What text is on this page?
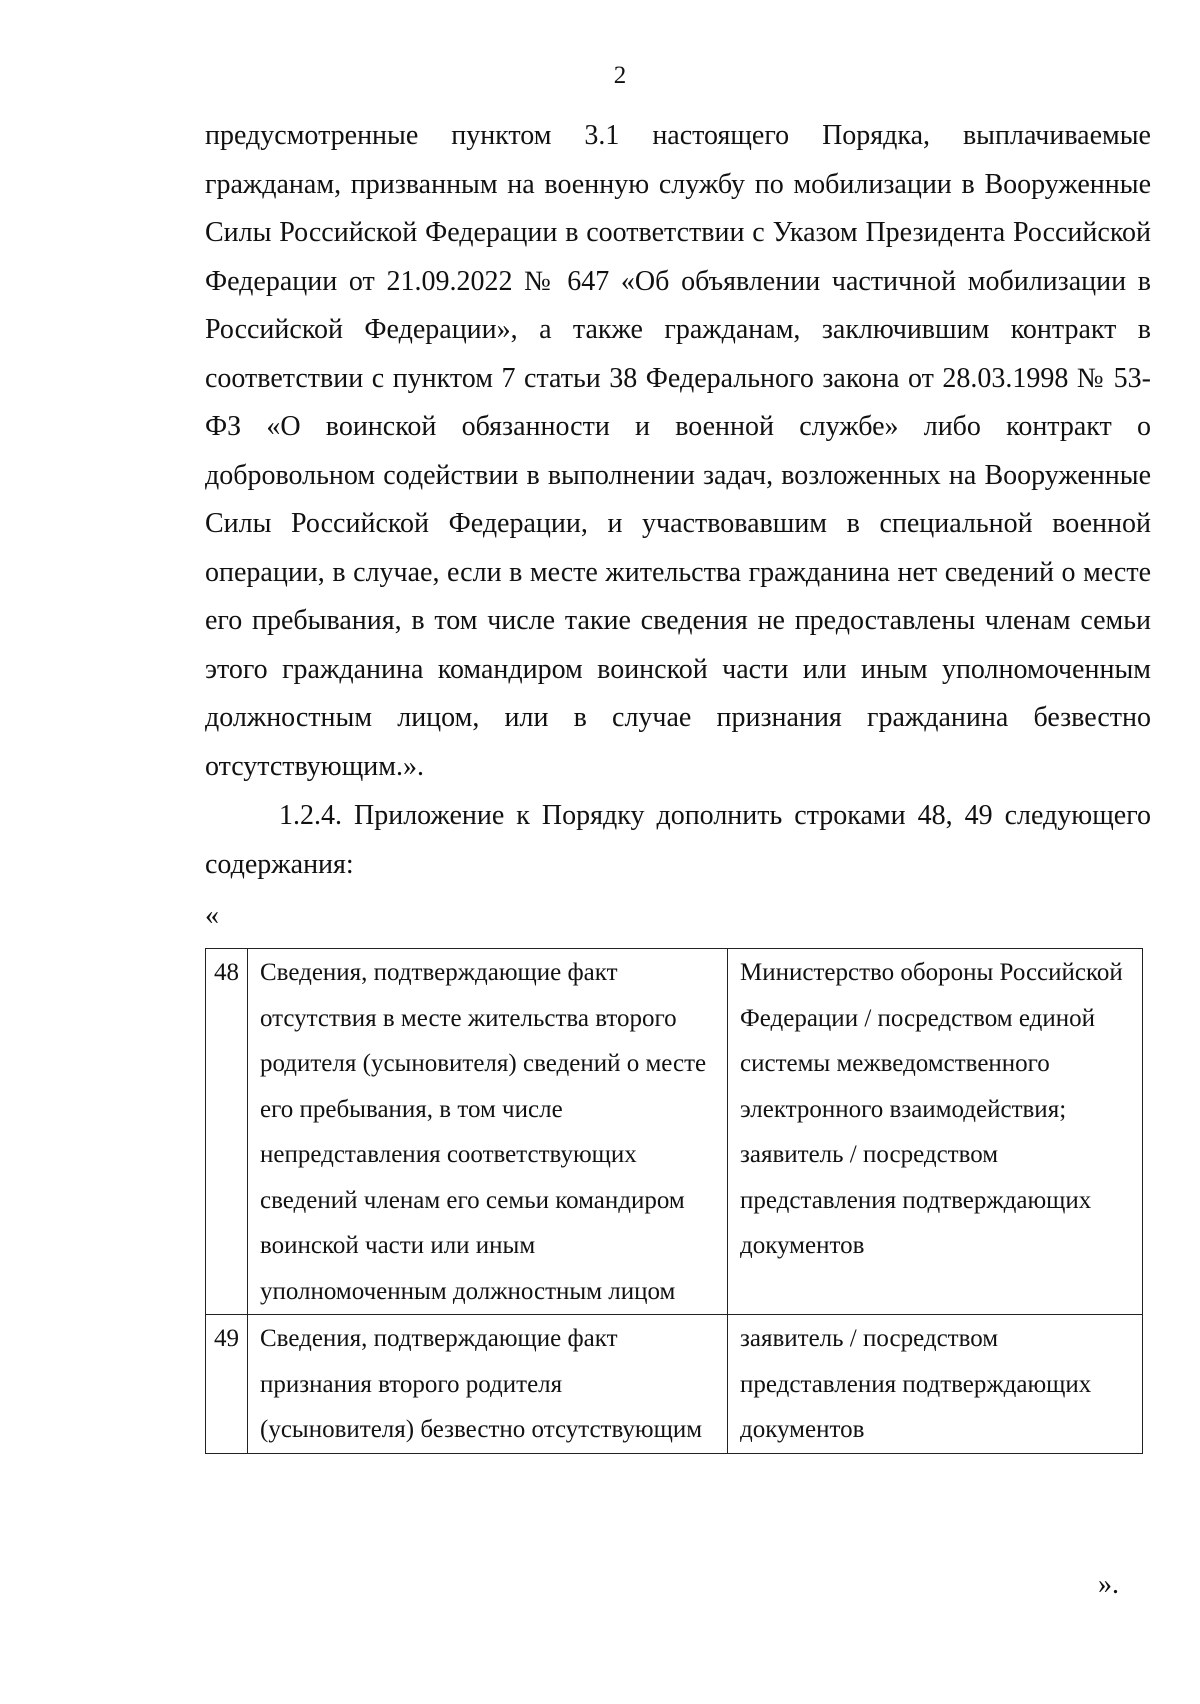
2

предусмотренные пунктом 3.1 настоящего Порядка, выплачиваемые гражданам, призванным на военную службу по мобилизации в Вооруженные Силы Российской Федерации в соответствии с Указом Президента Российской Федерации от 21.09.2022 № 647 «Об объявлении частичной мобилизации в Российской Федерации», а также гражданам, заключившим контракт в соответствии с пунктом 7 статьи 38 Федерального закона от 28.03.1998 № 53-ФЗ «О воинской обязанности и военной службе» либо контракт о добровольном содействии в выполнении задач, возложенных на Вооруженные Силы Российской Федерации, и участвовавшим в специальной военной операции, в случае, если в месте жительства гражданина нет сведений о месте его пребывания, в том числе такие сведения не предоставлены членам семьи этого гражданина командиром воинской части или иным уполномоченным должностным лицом, или в случае признания гражданина безвестно отсутствующим.».

1.2.4. Приложение к Порядку дополнить строками 48, 49 следующего содержания:

«
48	Сведения, подтверждающие факт отсутствия в месте жительства второго родителя (усыновителя) сведений о месте его пребывания, в том числе непредставления соответствующих сведений членам его семьи командиром воинской части или иным уполномоченным должностным лицом	Министерство обороны Российской Федерации / посредством единой системы межведомственного электронного взаимодействия; заявитель / посредством представления подтверждающих документов
49	Сведения, подтверждающие факт признания второго родителя (усыновителя) безвестно отсутствующим	заявитель / посредством представления подтверждающих документов
».
